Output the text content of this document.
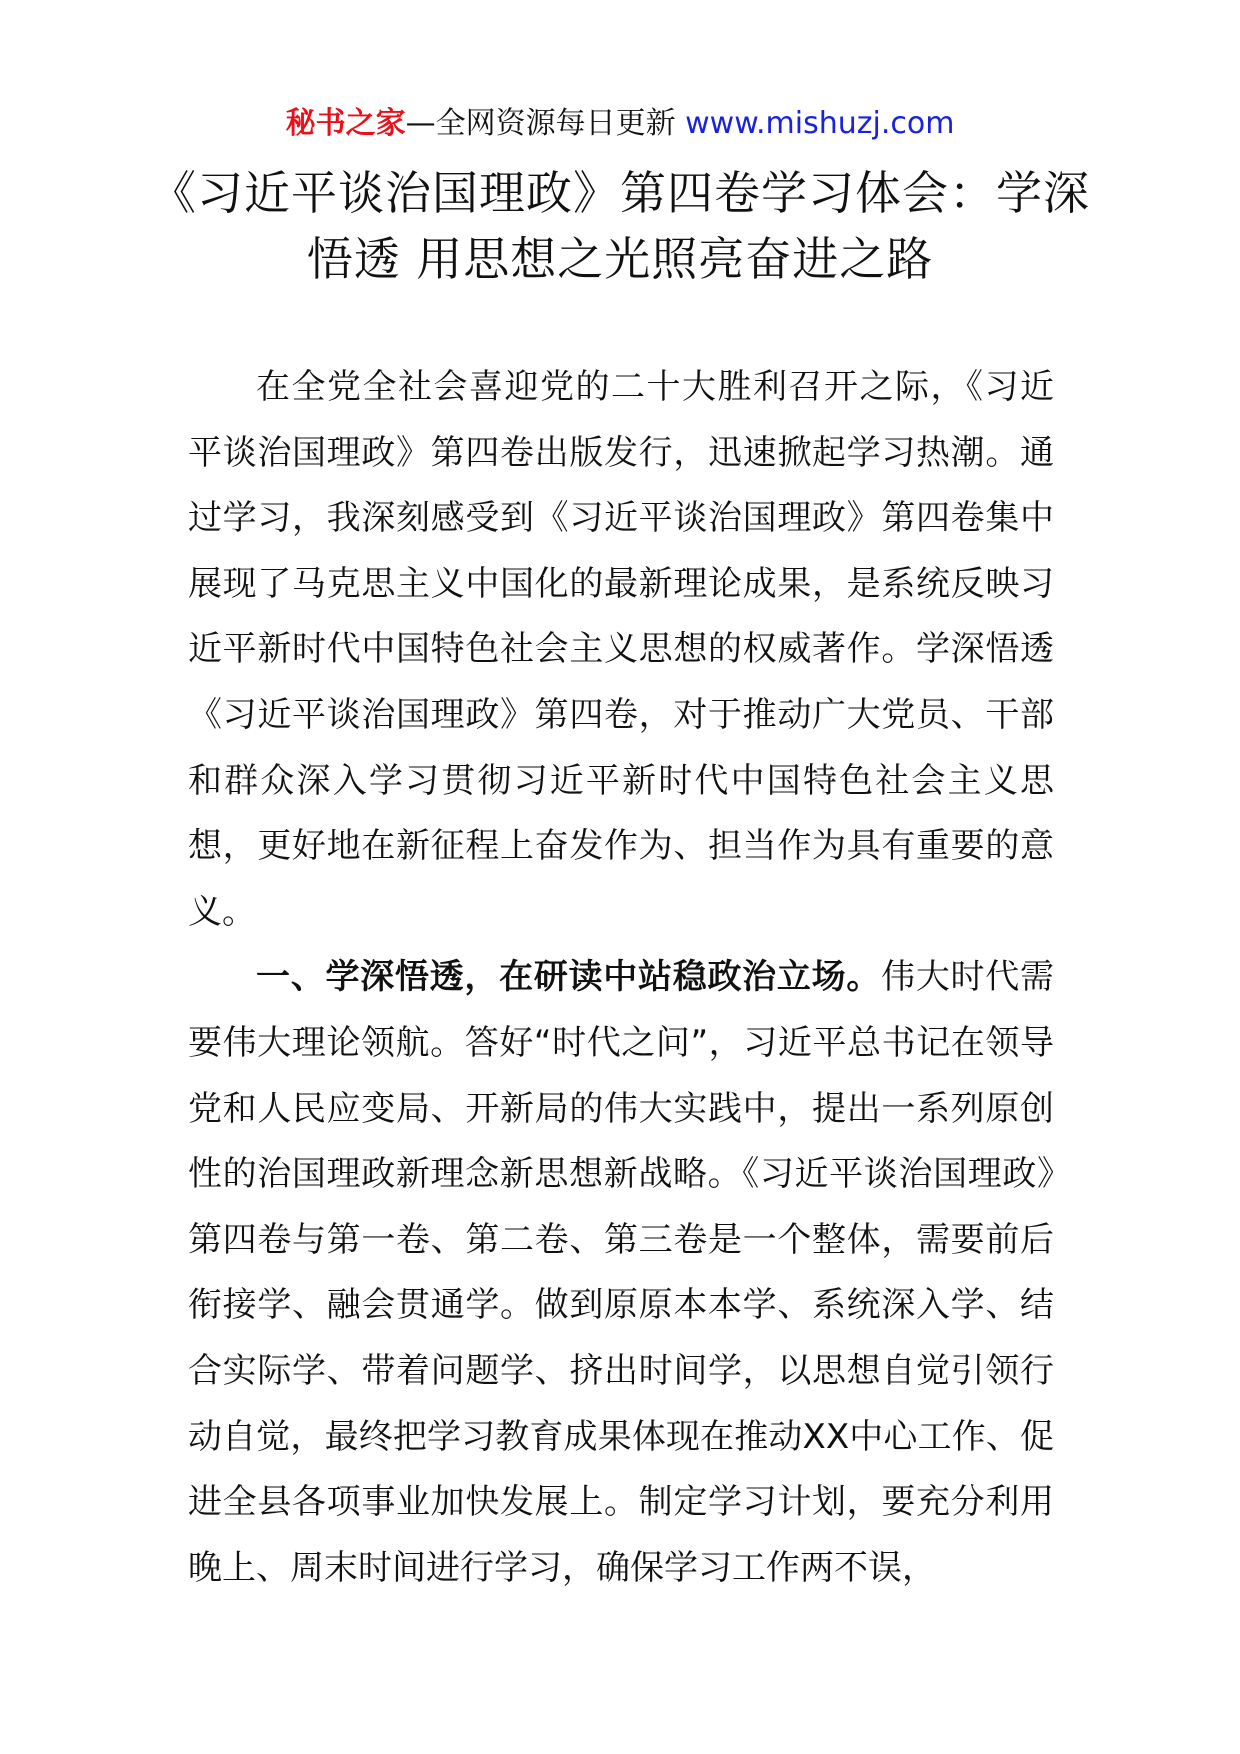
秘书之家—全网资源每日更新 www.mishuzj.com
《习近平谈治国理政》第四卷学习体会：学深悟透 用思想之光照亮奋进之路

在全党全社会喜迎党的二十大胜利召开之际，《习近平谈治国理政》第四卷出版发行，迅速掀起学习热潮。通过学习，我深刻感受到《习近平谈治国理政》第四卷集中展现了马克思主义中国化的最新理论成果，是系统反映习近平新时代中国特色社会主义思想的权威著作。学深悟透《习近平谈治国理政》第四卷，对于推动广大党员、干部和群众深入学习贯彻习近平新时代中国特色社会主义思想，更好地在新征程上奋发作为、担当作为具有重要的意义。

一、学深悟透，在研读中站稳政治立场。伟大时代需要伟大理论领航。答好“时代之问”，习近平总书记在领导党和人民应变局、开新局的伟大实践中，提出一系列原创性的治国理政新理念新思想新战略。《习近平谈治国理政》第四卷与第一卷、第二卷、第三卷是一个整体，需要前后衔接学、融会贯通学。做到原原本本学、系统深入学、结合实际学、带着问题学、挤出时间学，以思想自觉引领行动自觉，最终把学习教育成果体现在推动XX中心工作、促进全县各项事业加快发展上。制定学习计划，要充分利用晚上、周末时间进行学习，确保学习工作两不误，
